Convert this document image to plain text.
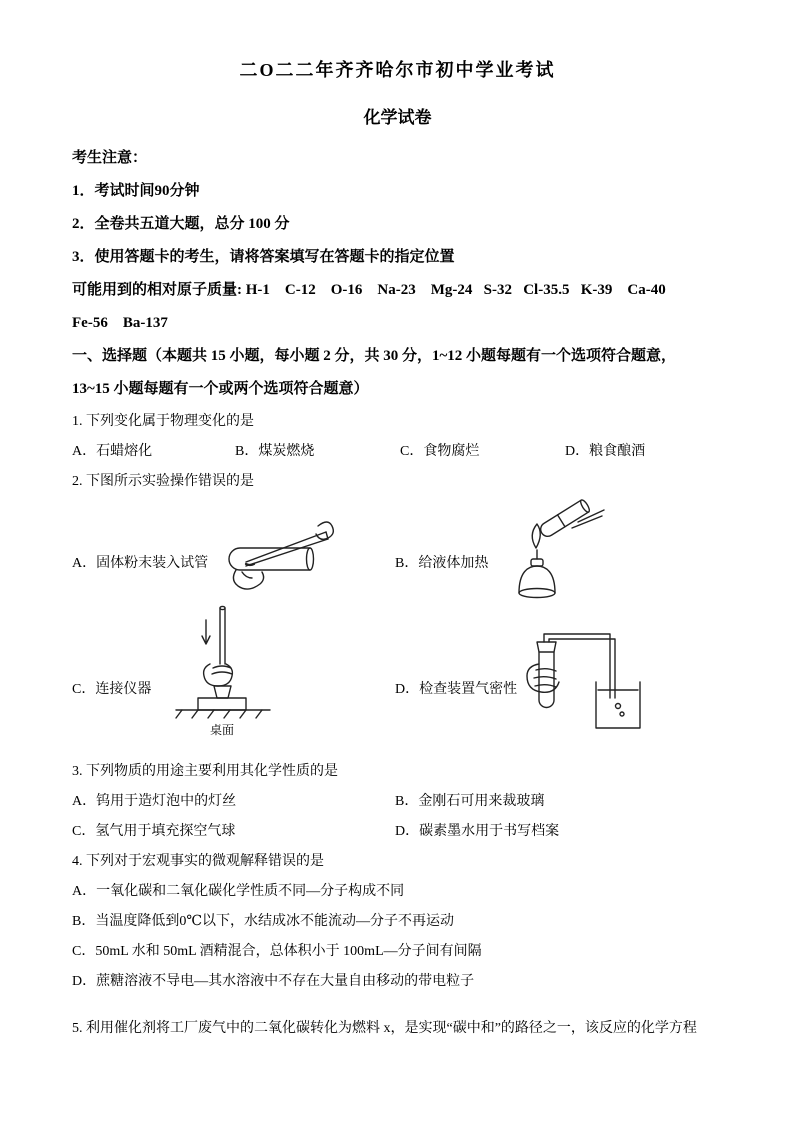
二O二二年齐齐哈尔市初中学业考试
化学试卷
考生注意：
1．考试时间90分钟
2．全卷共五道大题，总分 100 分
3．使用答题卡的考生，请将答案填写在答题卡的指定位置
可能用到的相对原子质量: H-1    C-12    O-16    Na-23    Mg-24   S-32   Cl-35.5   K-39    Ca-40
Fe-56    Ba-137
一、选择题（本题共 15 小题，每小题 2 分，共 30 分，1~12 小题每题有一个选项符合题意，
13~15 小题每题有一个或两个选项符合题意）
1. 下列变化属于物理变化的是
A．石蜡熔化	B．煤炭燃烧	C．食物腐烂	D．粮食酿酒
2. 下图所示实验操作错误的是
A．固体粉末装入试管	B．给液体加热
C．连接仪器
桌面
D．检查装置气密性
3. 下列物质的用途主要利用其化学性质的是
A．钨用于造灯泡中的灯丝	B．金刚石可用来裁玻璃
C．氢气用于填充探空气球	D．碳素墨水用于书写档案
4. 下列对于宏观事实的微观解释错误的是
A．一氧化碳和二氧化碳化学性质不同—分子构成不同
B．当温度降低到0℃以下，水结成冰不能流动—分子不再运动
C．50mL 水和 50mL 酒精混合，总体积小于 100mL—分子间有间隔
D．蔗糖溶液不导电—其水溶液中不存在大量自由移动的带电粒子
5. 利用催化剂将工厂废气中的二氧化碳转化为燃料 x，是实现“碳中和”的路径之一，该反应的化学方程
